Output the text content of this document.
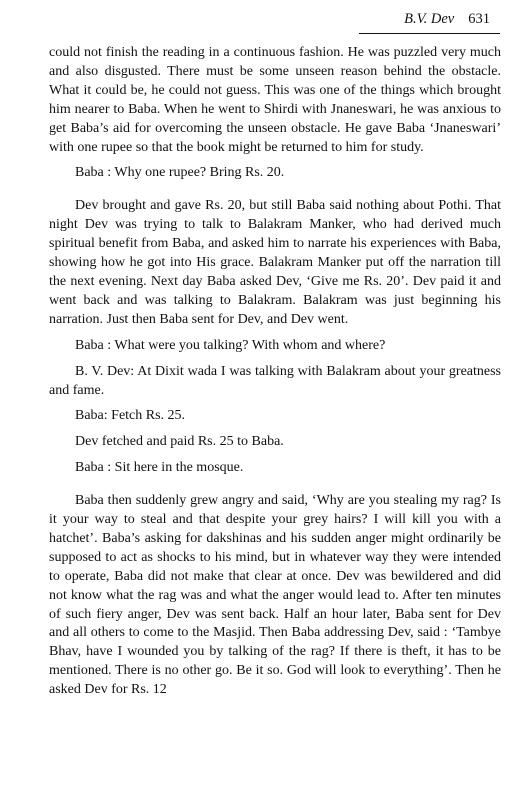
B.V. Dev 631

could not finish the reading in a continuous fashion. He was puzzled very much and also disgusted. There must be some unseen reason behind the obstacle. What it could be, he could not guess. This was one of the things which brought him nearer to Baba. When he went to Shirdi with Jnaneswari, he was anxious to get Baba’s aid for overcoming the unseen obstacle. He gave Baba ‘Jnaneswari’ with one rupee so that the book might be returned to him for study.

Baba : Why one rupee? Bring Rs. 20.

Dev brought and gave Rs. 20, but still Baba said nothing about Pothi. That night Dev was trying to talk to Balakram Manker, who had derived much spiritual benefit from Baba, and asked him to narrate his experiences with Baba, showing how he got into His grace. Balakram Manker put off the narration till the next evening. Next day Baba asked Dev, ‘Give me Rs. 20’. Dev paid it and went back and was talking to Balakram. Balakram was just beginning his narration. Just then Baba sent for Dev, and Dev went.

Baba : What were you talking? With whom and where?

B. V. Dev: At Dixit wada I was talking with Balakram about your greatness and fame.

Baba: Fetch Rs. 25.

Dev fetched and paid Rs. 25 to Baba.

Baba : Sit here in the mosque.

Baba then suddenly grew angry and said, ‘Why are you stealing my rag? Is it your way to steal and that despite your grey hairs? I will kill you with a hatchet’. Baba’s asking for dakshinas and his sudden anger might ordinarily be supposed to act as shocks to his mind, but in whatever way they were intended to operate, Baba did not make that clear at once. Dev was bewildered and did not know what the rag was and what the anger would lead to. After ten minutes of such fiery anger, Dev was sent back. Half an hour later, Baba sent for Dev and all others to come to the Masjid. Then Baba addressing Dev, said : ‘Tambye Bhav, have I wounded you by talking of the rag? If there is theft, it has to be mentioned. There is no other go. Be it so. God will look to everything’. Then he asked Dev for Rs. 12
